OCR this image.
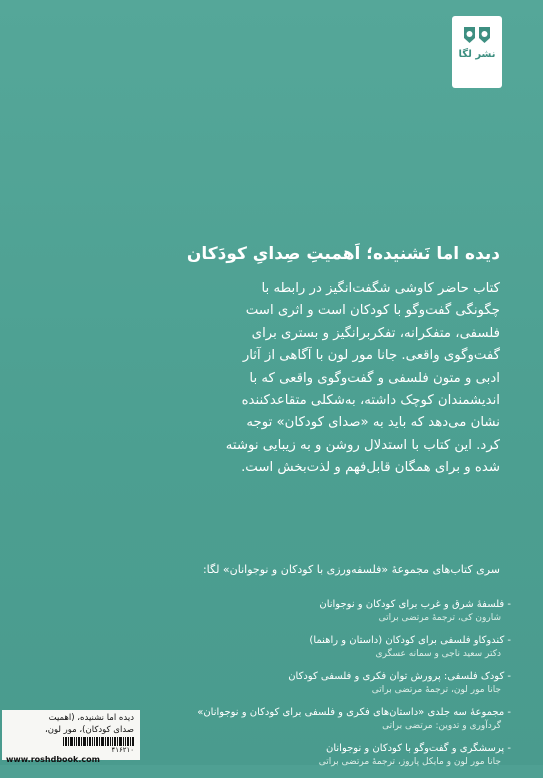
نشر لگا
دیده اما نَشنیده؛ اَهمیتِ صِدایِ کودَکان

کتاب حاضر کاوشی شگفت‌انگیز در رابطه با

چگونگی گفت‌وگو با کودکان است و اثری است

فلسفی، متفکرانه، تفکربرانگیز و بستری برای

گفت‌وگوی واقعی. جانا مور لون با آگاهی از آثار

ادبی و متون فلسفی و گفت‌وگوی واقعی که با

اندیشمندان کوچک داشته، به‌شکلی متقاعدکننده

نشان می‌دهد که باید به «صدای کودکان» توجه

کرد. این کتاب با استدلال روشن و به زیبایی نوشته

شده و برای همگان قابل‌فهم و لذت‌بخش است.

سری کتاب‌های مجموعهٔ «فلسفه‌ورزی با کودکان و نوجوانان» لگا:
- فلسفهٔ شرق و غرب برای کودکان و نوجوانان
شارون کی، ترجمهٔ مرتضی براتی
- کندوکاو فلسفی برای کودکان (داستان و راهنما)
دکتر سعید ناجی و سمانه عسگری
- کودک فلسفی: پرورش توان فکری و فلسفی کودکان
جانا مور لون، ترجمهٔ مرتضی براتی
- مجموعهٔ سه جلدی «داستان‌های فکری و فلسفی برای کودکان و نوجوانان»
گردآوری و تدوین: مرتضی براتی
- پرسشگری و گفت‌وگو با کودکان و نوجوانان
جانا مور لون و مایکل پاروز، ترجمهٔ مرتضی براتی
دیده اما نشنیده، (اهمیت
صدای کودکان)، مور لون،
۴۱۶۲۱۰
www.roshdbook.com
